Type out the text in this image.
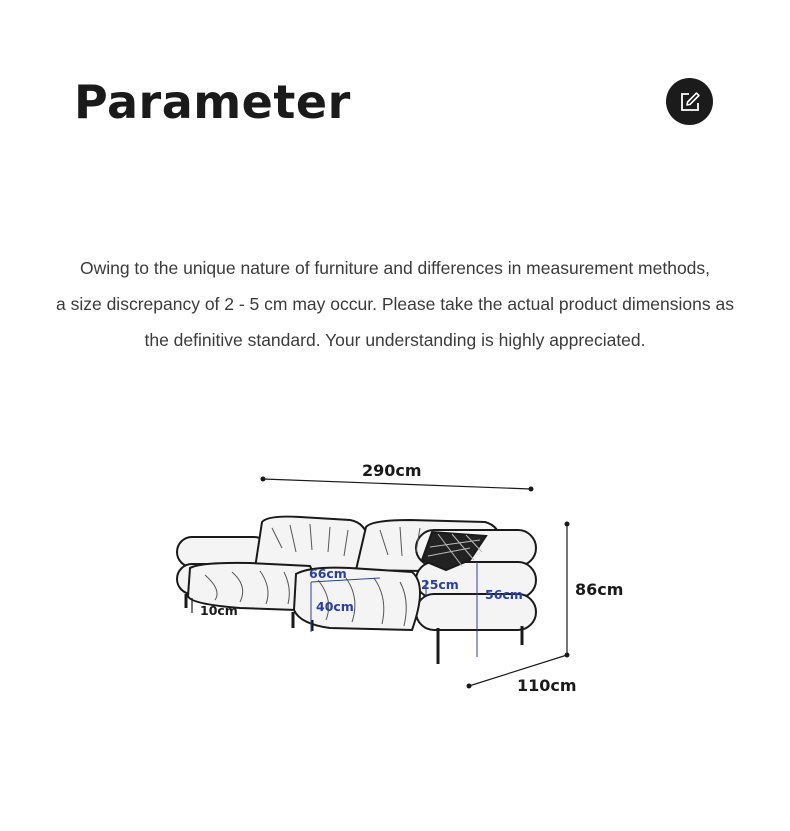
Parameter

Owing to the unique nature of furniture and differences in measurement methods,

a size discrepancy of 2 - 5 cm may occur. Please take the actual product dimensions as

the definitive standard. Your understanding is highly appreciated.

290cm
86cm
110cm
10cm
66cm
40cm
25cm
56cm
